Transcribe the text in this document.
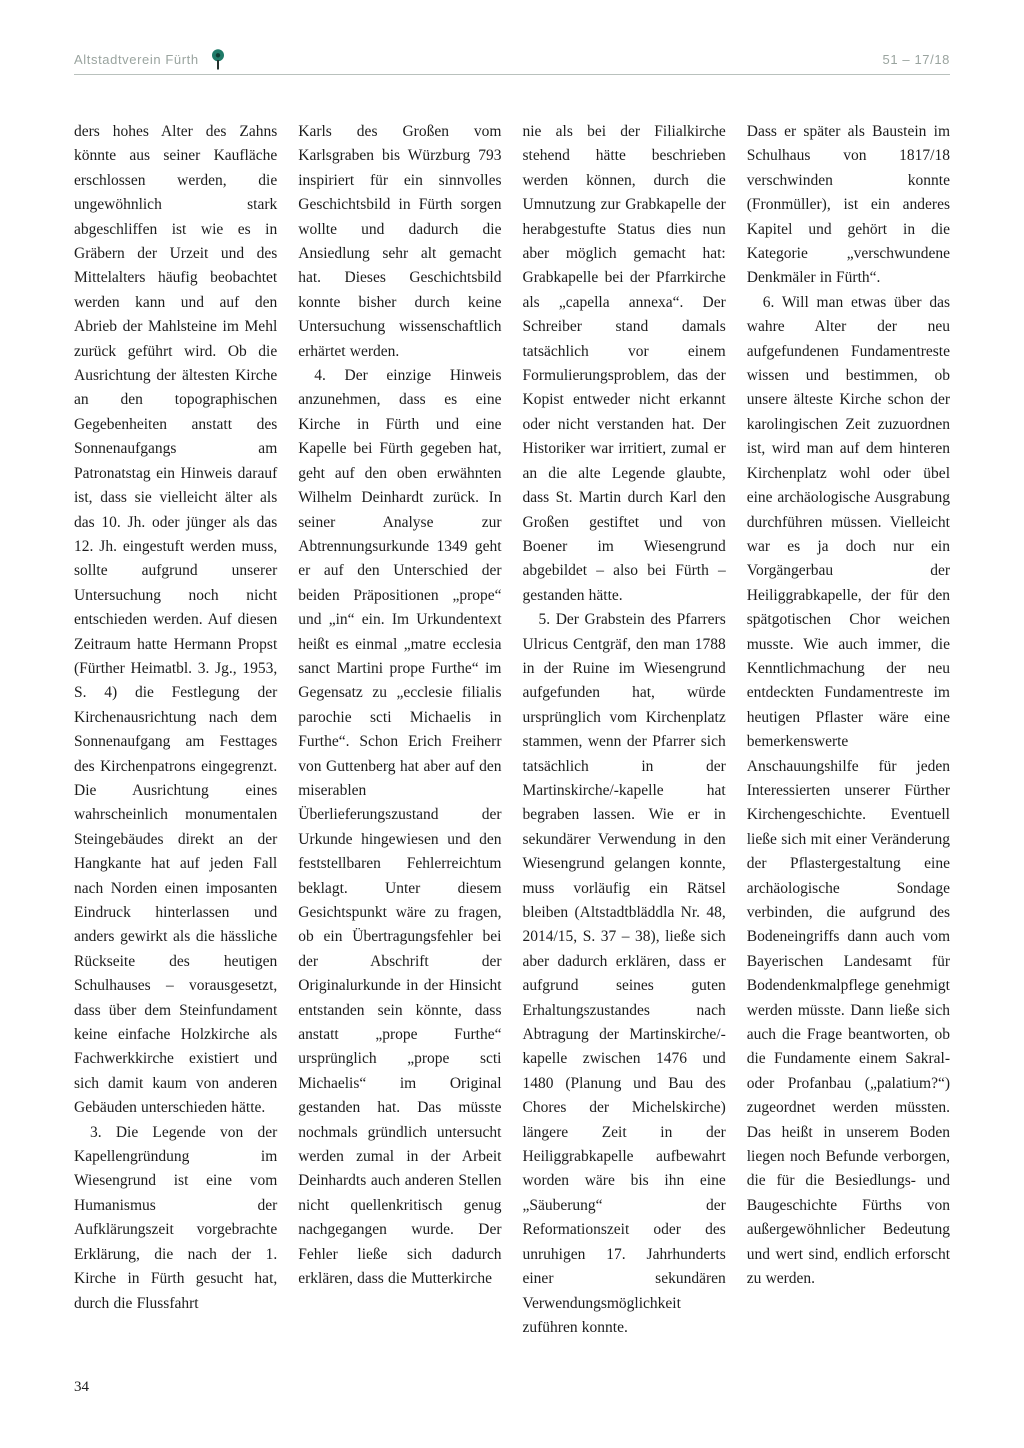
Altstadtverein Fürth	51 – 17/18

ders hohes Alter des Zahns könnte aus seiner Kaufläche erschlossen werden, die ungewöhnlich stark abgeschliffen ist wie es in Gräbern der Urzeit und des Mittelalters häufig beobachtet werden kann und auf den Abrieb der Mahlsteine im Mehl zurück geführt wird. Ob die Ausrichtung der ältesten Kirche an den topographischen Gegebenheiten anstatt des Sonnenaufgangs am Patronatstag ein Hinweis darauf ist, dass sie vielleicht älter als das 10. Jh. oder jünger als das 12. Jh. eingestuft werden muss, sollte aufgrund unserer Untersuchung noch nicht entschieden werden. Auf diesen Zeitraum hatte Hermann Propst (Fürther Heimatbl. 3. Jg., 1953, S. 4) die Festlegung der Kirchenausrichtung nach dem Sonnenaufgang am Festtages des Kirchenpatrons eingegrenzt. Die Ausrichtung eines wahrscheinlich monumentalen Steingebäudes direkt an der Hangkante hat auf jeden Fall nach Norden einen imposanten Eindruck hinterlassen und anders gewirkt als die hässliche Rückseite des heutigen Schulhauses – vorausgesetzt, dass über dem Steinfundament keine einfache Holzkirche als Fachwerkkirche existiert und sich damit kaum von anderen Gebäuden unterschieden hätte.

3. Die Legende von der Kapellengründung im Wiesengrund ist eine vom Humanismus der Aufklärungszeit vorgebrachte Erklärung, die nach der 1. Kirche in Fürth gesucht hat, durch die Flussfahrt

Karls des Großen vom Karlsgraben bis Würzburg 793 inspiriert für ein sinnvolles Geschichtsbild in Fürth sorgen wollte und dadurch die Ansiedlung sehr alt gemacht hat. Dieses Geschichtsbild konnte bisher durch keine Untersuchung wissenschaftlich erhärtet werden.

4. Der einzige Hinweis anzunehmen, dass es eine Kirche in Fürth und eine Kapelle bei Fürth gegeben hat, geht auf den oben erwähnten Wilhelm Deinhardt zurück. In seiner Analyse zur Abtrennungsurkunde 1349 geht er auf den Unterschied der beiden Präpositionen „prope“ und „in“ ein. Im Urkundentext heißt es einmal „matre ecclesia sanct Martini prope Furthe“ im Gegensatz zu „ecclesie filialis parochie scti Michaelis in Furthe“. Schon Erich Freiherr von Guttenberg hat aber auf den miserablen Überlieferungszustand der Urkunde hingewiesen und den feststellbaren Fehlerreichtum beklagt. Unter diesem Gesichtspunkt wäre zu fragen, ob ein Übertragungsfehler bei der Abschrift der Originalurkunde in der Hinsicht entstanden sein könnte, dass anstatt „prope Furthe“ ursprünglich „prope scti Michaelis“ im Original gestanden hat. Das müsste nochmals gründlich untersucht werden zumal in der Arbeit Deinhardts auch anderen Stellen nicht quellenkritisch genug nachgegangen wurde. Der Fehler ließe sich dadurch erklären, dass die Mutterkirche

nie als bei der Filialkirche stehend hätte beschrieben werden können, durch die Umnutzung zur Grabkapelle der herabgestufte Status dies nun aber möglich gemacht hat: Grabkapelle bei der Pfarrkirche als „capella annexa“. Der Schreiber stand damals tatsächlich vor einem Formulierungsproblem, das der Kopist entweder nicht erkannt oder nicht verstanden hat. Der Historiker war irritiert, zumal er an die alte Legende glaubte, dass St. Martin durch Karl den Großen gestiftet und von Boener im Wiesengrund abgebildet – also bei Fürth – gestanden hätte.

5. Der Grabstein des Pfarrers Ulricus Centgräf, den man 1788 in der Ruine im Wiesengrund aufgefunden hat, würde ursprünglich vom Kirchenplatz stammen, wenn der Pfarrer sich tatsächlich in der Martinskirche/-kapelle hat begraben lassen. Wie er in sekundärer Verwendung in den Wiesengrund gelangen konnte, muss vorläufig ein Rätsel bleiben (Altstadtbläddla Nr. 48, 2014/15, S. 37 – 38), ließe sich aber dadurch erklären, dass er aufgrund seines guten Erhaltungszustandes nach Abtragung der Martinskirche/-kapelle zwischen 1476 und 1480 (Planung und Bau des Chores der Michelskirche) längere Zeit in der Heiliggrabkapelle aufbewahrt worden wäre bis ihn eine „Säuberung“ der Reformationszeit oder des unruhigen 17. Jahrhunderts einer sekundären Verwendungsmöglichkeit zuführen konnte.

Dass er später als Baustein im Schulhaus von 1817/18 verschwinden konnte (Fronmüller), ist ein anderes Kapitel und gehört in die Kategorie „verschwundene Denkmäler in Fürth“.

6. Will man etwas über das wahre Alter der neu aufgefundenen Fundamentreste wissen und bestimmen, ob unsere älteste Kirche schon der karolingischen Zeit zuzuordnen ist, wird man auf dem hinteren Kirchenplatz wohl oder übel eine archäologische Ausgrabung durchführen müssen. Vielleicht war es ja doch nur ein Vorgängerbau der Heiliggrabkapelle, der für den spätgotischen Chor weichen musste. Wie auch immer, die Kenntlichmachung der neu entdeckten Fundamentreste im heutigen Pflaster wäre eine bemerkenswerte Anschauungshilfe für jeden Interessierten unserer Fürther Kirchengeschichte. Eventuell ließe sich mit einer Veränderung der Pflastergestaltung eine archäologische Sondage verbinden, die aufgrund des Bodeneingriffs dann auch vom Bayerischen Landesamt für Bodendenkmalpflege genehmigt werden müsste. Dann ließe sich auch die Frage beantworten, ob die Fundamente einem Sakral- oder Profanbau („palatium?“) zugeordnet werden müssten. Das heißt in unserem Boden liegen noch Befunde verborgen, die für die Besiedlungs- und Baugeschichte Fürths von außergewöhnlicher Bedeutung und wert sind, endlich erforscht zu werden.

34
